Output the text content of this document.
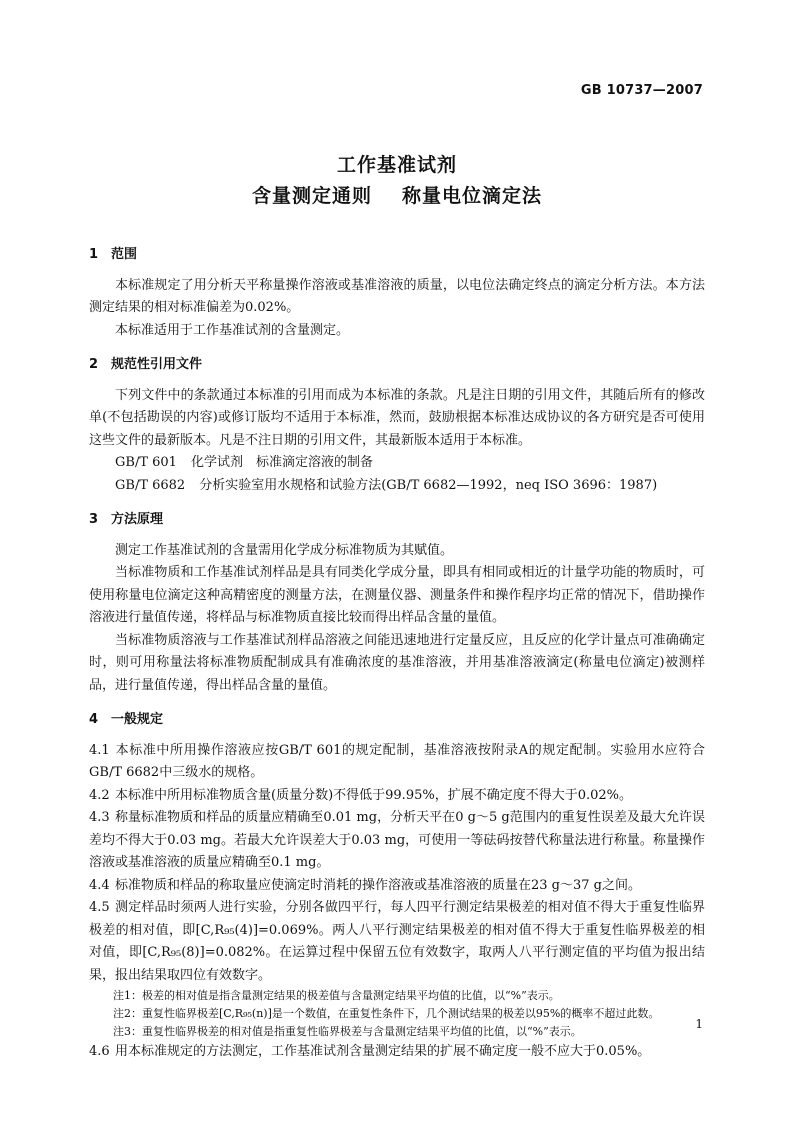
GB 10737—2007
工作基准试剂
含量测定通则 称量电位滴定法

1 范围

本标准规定了用分析天平称量操作溶液或基准溶液的质量，以电位法确定终点的滴定分析方法。本方法测定结果的相对标准偏差为0.02%。

本标准适用于工作基准试剂的含量测定。

2 规范性引用文件

下列文件中的条款通过本标准的引用而成为本标准的条款。凡是注日期的引用文件，其随后所有的修改单(不包括勘误的内容)或修订版均不适用于本标准，然而，鼓励根据本标准达成协议的各方研究是否可使用这些文件的最新版本。凡是不注日期的引用文件，其最新版本适用于本标准。

GB/T 601 化学试剂　标准滴定溶液的制备

GB/T 6682 分析实验室用水规格和试验方法(GB/T 6682—1992，neq ISO 3696：1987)

3 方法原理

测定工作基准试剂的含量需用化学成分标准物质为其赋值。

当标准物质和工作基准试剂样品是具有同类化学成分量，即具有相同或相近的计量学功能的物质时，可使用称量电位滴定这种高精密度的测量方法，在测量仪器、测量条件和操作程序均正常的情况下，借助操作溶液进行量值传递，将样品与标准物质直接比较而得出样品含量的量值。

当标准物质溶液与工作基准试剂样品溶液之间能迅速地进行定量反应，且反应的化学计量点可准确确定时，则可用称量法将标准物质配制成具有准确浓度的基准溶液，并用基准溶液滴定(称量电位滴定)被测样品，进行量值传递，得出样品含量的量值。

4 一般规定

4.1 本标准中所用操作溶液应按GB/T 601的规定配制，基准溶液按附录A的规定配制。实验用水应符合GB/T 6682中三级水的规格。

4.2 本标准中所用标准物质含量(质量分数)不得低于99.95%，扩展不确定度不得大于0.02%。

4.3 称量标准物质和样品的质量应精确至0.01 mg，分析天平在0 g～5 g范围内的重复性误差及最大允许误差均不得大于0.03 mg。若最大允许误差大于0.03 mg，可使用一等砝码按替代称量法进行称量。称量操作溶液或基准溶液的质量应精确至0.1 mg。

4.4 标准物质和样品的称取量应使滴定时消耗的操作溶液或基准溶液的质量在23 g～37 g之间。

4.5 测定样品时须两人进行实验，分别各做四平行，每人四平行测定结果极差的相对值不得大于重复性临界极差的相对值，即[C,R₉₅(4)]=0.069%。两人八平行测定结果极差的相对值不得大于重复性临界极差的相对值，即[C,R₉₅(8)]=0.082%。在运算过程中保留五位有效数字，取两人八平行测定值的平均值为报出结果，报出结果取四位有效数字。

注1：极差的相对值是指含量测定结果的极差值与含量测定结果平均值的比值，以“%”表示。

注2：重复性临界极差[C,R₉₅(n)]是一个数值，在重复性条件下，几个测试结果的极差以95%的概率不超过此数。

注3：重复性临界极差的相对值是指重复性临界极差与含量测定结果平均值的比值，以“%”表示。

4.6 用本标准规定的方法测定，工作基准试剂含量测定结果的扩展不确定度一般不应大于0.05%。

1
